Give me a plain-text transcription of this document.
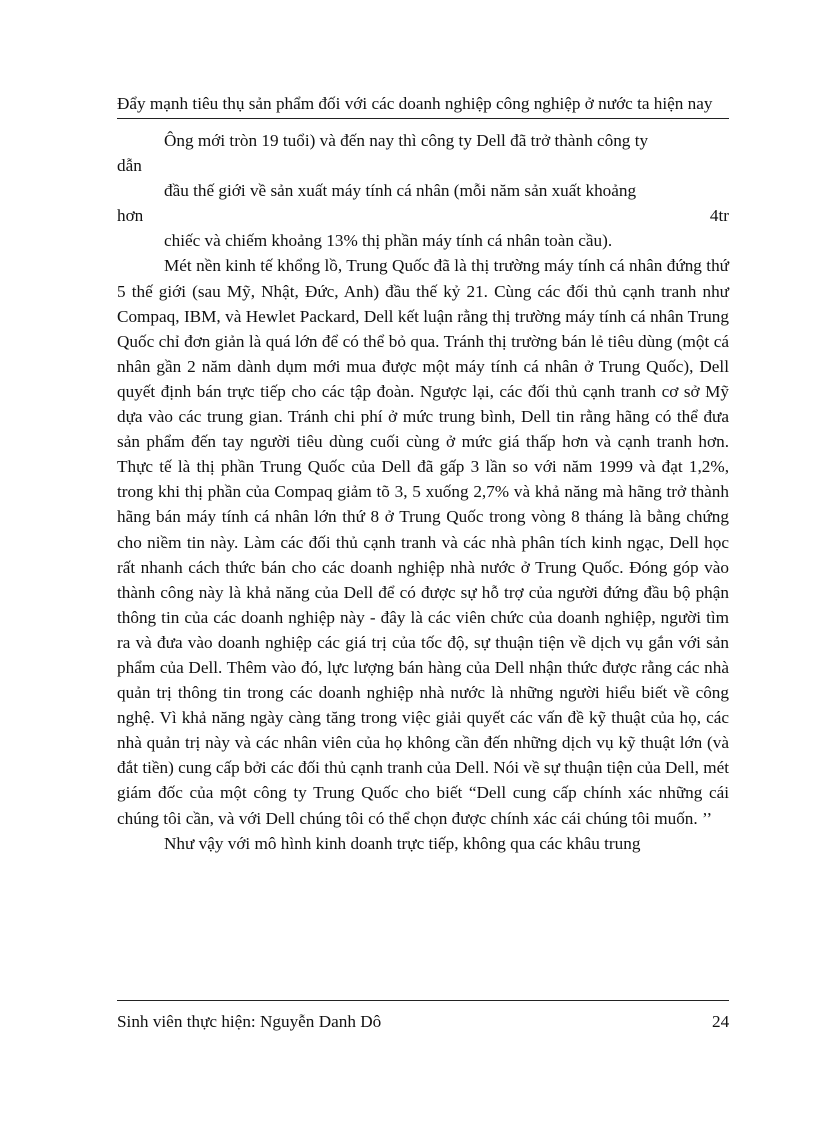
Đẩy mạnh tiêu thụ sản phẩm đối với các doanh nghiệp công nghiệp ở nước ta hiện nay

Ông mới tròn 19 tuổi) và đến nay thì công ty Dell đã trở thành công ty

dẫn

đầu thế giới về sản xuất máy tính cá nhân (mỗi năm sản xuất khoảng

hơn	4tr

chiếc và chiếm khoảng 13% thị phần máy tính cá nhân toàn cầu).

Mét nền kinh tế khổng lồ, Trung Quốc đã là thị trường máy tính cá nhân đứng thứ 5 thế giới (sau Mỹ, Nhật, Đức, Anh) đầu thế kỷ 21. Cùng các đối thủ cạnh tranh như Compaq, IBM, và Hewlet Packard, Dell kết luận rằng thị trường máy tính cá nhân Trung Quốc chỉ đơn giản là quá lớn để có thể bỏ qua. Tránh thị trường bán lẻ tiêu dùng (một cá nhân gần 2 năm dành dụm mới mua được một máy tính cá nhân ở Trung Quốc), Dell quyết định bán trực tiếp cho các tập đoàn. Ngược lại, các đối thủ cạnh tranh cơ sở Mỹ dựa vào các trung gian. Tránh chi phí ở mức trung bình, Dell tin rằng hãng có thể đưa sản phẩm đến tay người tiêu dùng cuối cùng ở mức giá thấp hơn và cạnh tranh hơn. Thực tế là thị phần Trung Quốc của Dell đã gấp 3 lần so với năm 1999 và đạt 1,2%, trong khi thị phần của Compaq giảm tõ 3, 5 xuống 2,7% và khả năng mà hãng trở thành hãng bán máy tính cá nhân lớn thứ 8 ở Trung Quốc trong vòng 8 tháng là bằng chứng cho niềm tin này. Làm các đối thủ cạnh tranh và các nhà phân tích kinh ngạc, Dell học rất nhanh cách thức bán cho các doanh nghiệp nhà nước ở Trung Quốc. Đóng góp vào thành công này là khả năng của Dell để có được sự hỗ trợ của người đứng đầu bộ phận thông tin của các doanh nghiệp này - đây là các viên chức của doanh nghiệp, người tìm ra và đưa vào doanh nghiệp các giá trị của tốc độ, sự thuận tiện về dịch vụ gắn với sản phẩm của Dell. Thêm vào đó, lực lượng bán hàng của Dell nhận thức được rằng các nhà quản trị thông tin trong các doanh nghiệp nhà nước là những người hiểu biết về công nghệ. Vì khả năng ngày càng tăng trong việc giải quyết các vấn đề kỹ thuật của họ, các nhà quản trị này và các nhân viên của họ không cần đến những dịch vụ kỹ thuật lớn (và đắt tiền) cung cấp bởi các đối thủ cạnh tranh của Dell. Nói về sự thuận tiện của Dell, mét giám đốc của một công ty Trung Quốc cho biết “Dell cung cấp chính xác những cái chúng tôi cần, và với Dell chúng tôi có thể chọn được chính xác cái chúng tôi muốn. ’’

Như vậy với mô hình kinh doanh trực tiếp, không qua các khâu trung

Sinh viên thực hiện: Nguyễn Danh Dô	24
